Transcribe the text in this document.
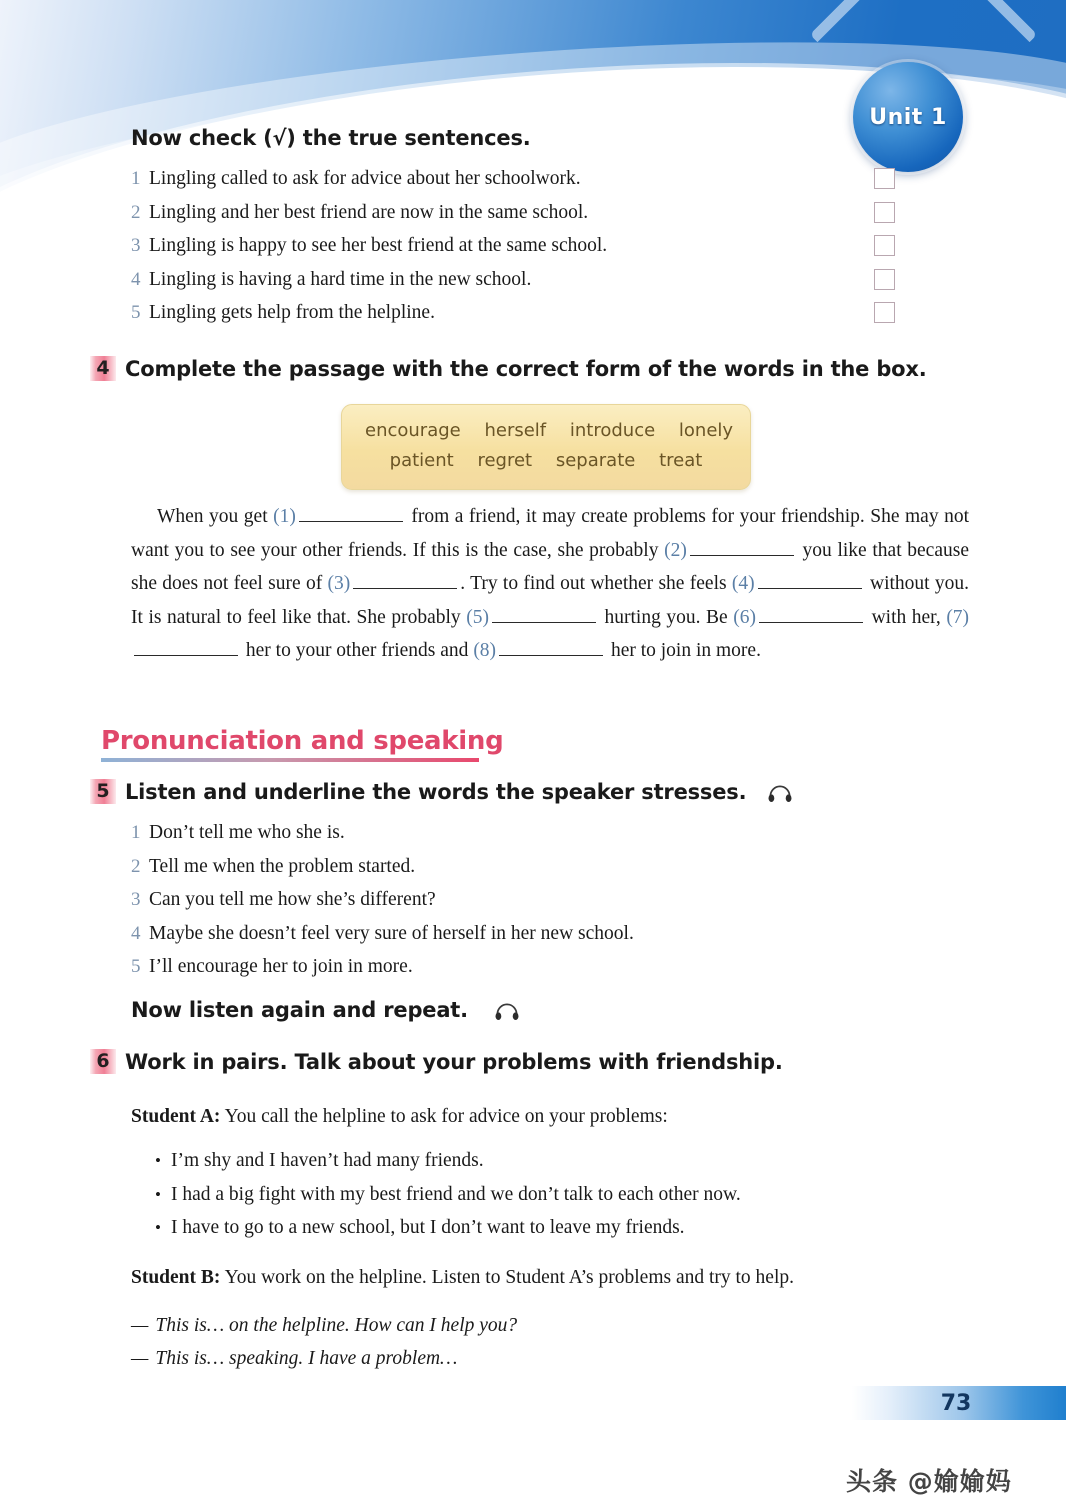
Unit 1
Now check (√) the true sentences.
1 Lingling called to ask for advice about her schoolwork.
2 Lingling and her best friend are now in the same school.
3 Lingling is happy to see her best friend at the same school.
4 Lingling is having a hard time in the new school.
5 Lingling gets help from the helpline.
4 Complete the passage with the correct form of the words in the box.
encourage herself introduce lonely
patient regret separate treat
When you get (1)	from a friend, it may create problems for your friendship. She may not want you to see your other friends. If this is the case, she probably (2)	you like that because she does not feel sure of (3)	. Try to find out whether she feels (4)	without you. It is natural to feel like that. She probably (5)	hurting you. Be (6)	with her, (7) her to your other friends and (8)	her to join in more.
Pronunciation and speaking
5 Listen and underline the words the speaker stresses.
1 Don’t tell me who she is.
2 Tell me when the problem started.
3 Can you tell me how she’s different?
4 Maybe she doesn’t feel very sure of herself in her new school.
5 I’ll encourage her to join in more.
Now listen again and repeat.
6 Work in pairs. Talk about your problems with friendship.
Student A: You call the helpline to ask for advice on your problems:
• I’m shy and I haven’t had many friends.
• I had a big fight with my best friend and we don’t talk to each other now.
• I have to go to a new school, but I don’t want to leave my friends.
Student B: You work on the helpline. Listen to Student A’s problems and try to help.
— This is… on the helpline. How can I help you?
— This is… speaking. I have a problem…
73
头条 @媮媮妈
